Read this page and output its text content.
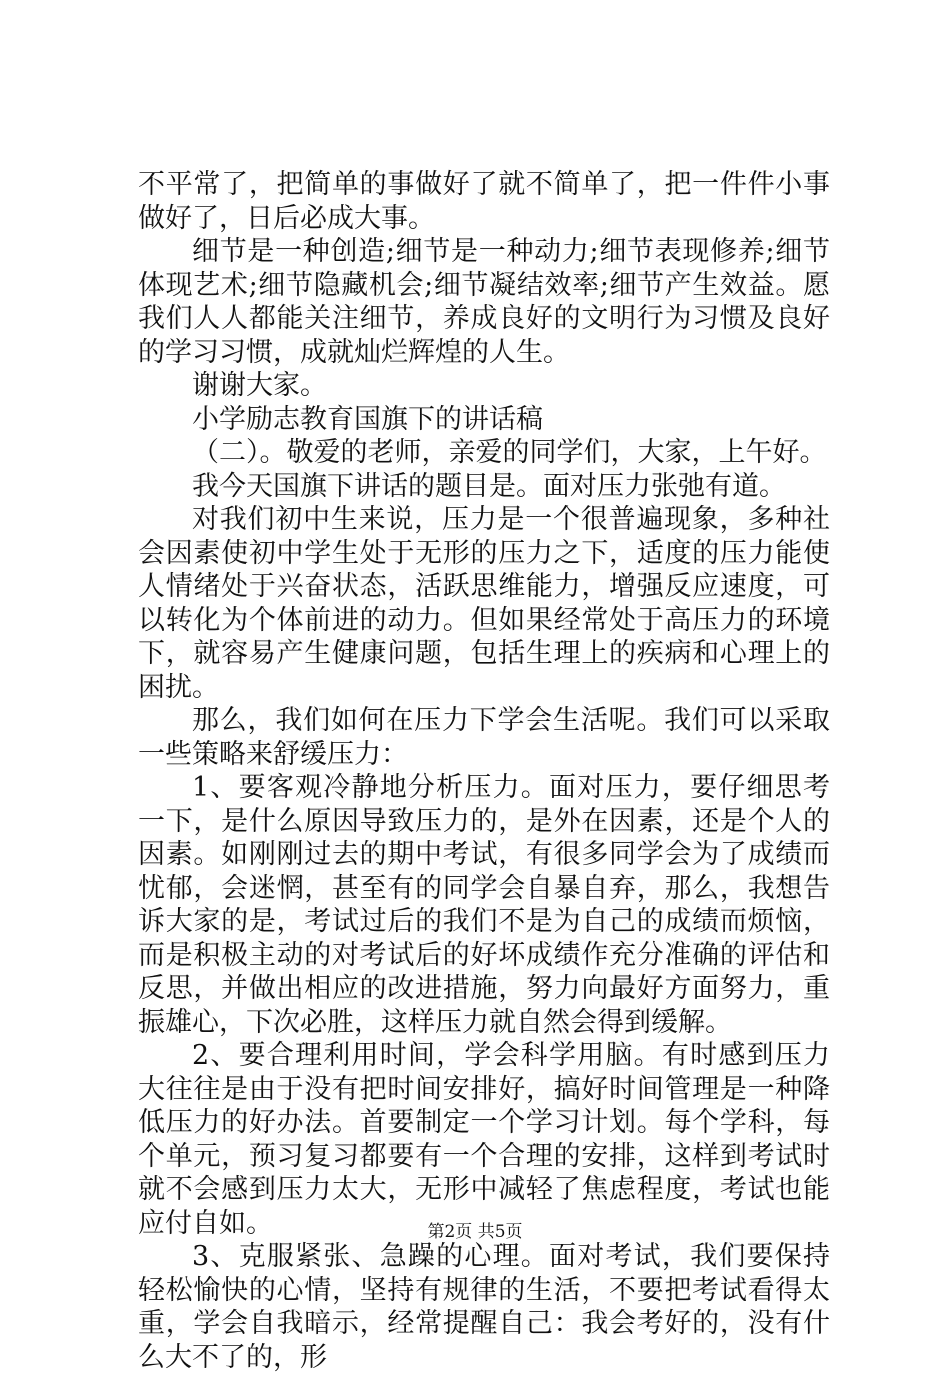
不平常了，把简单的事做好了就不简单了，把一件件小事做好了，日后必成大事。

细节是一种创造;细节是一种动力;细节表现修养;细节体现艺术;细节隐藏机会;细节凝结效率;细节产生效益。愿我们人人都能关注细节，养成良好的文明行为习惯及良好的学习习惯，成就灿烂辉煌的人生。

谢谢大家。

小学励志教育国旗下的讲话稿

（二）。敬爱的老师，亲爱的同学们，大家，上午好。

我今天国旗下讲话的题目是。面对压力张弛有道。

对我们初中生来说，压力是一个很普遍现象，多种社会因素使初中学生处于无形的压力之下，适度的压力能使人情绪处于兴奋状态，活跃思维能力，增强反应速度，可以转化为个体前进的动力。但如果经常处于高压力的环境下，就容易产生健康问题，包括生理上的疾病和心理上的困扰。

那么，我们如何在压力下学会生活呢。我们可以采取一些策略来舒缓压力：

1、要客观冷静地分析压力。面对压力，要仔细思考一下，是什么原因导致压力的，是外在因素，还是个人的因素。如刚刚过去的期中考试，有很多同学会为了成绩而忧郁，会迷惘，甚至有的同学会自暴自弃，那么，我想告诉大家的是，考试过后的我们不是为自己的成绩而烦恼，而是积极主动的对考试后的好坏成绩作充分准确的评估和反思，并做出相应的改进措施，努力向最好方面努力，重振雄心，下次必胜，这样压力就自然会得到缓解。

2、要合理利用时间，学会科学用脑。有时感到压力大往往是由于没有把时间安排好，搞好时间管理是一种降低压力的好办法。首要制定一个学习计划。每个学科，每个单元，预习复习都要有一个合理的安排，这样到考试时就不会感到压力太大，无形中减轻了焦虑程度，考试也能应付自如。

3、克服紧张、急躁的心理。面对考试，我们要保持轻松愉快的心情，坚持有规律的生活，不要把考试看得太重，学会自我暗示，经常提醒自己：我会考好的，没有什么大不了的，形

第2页 共5页
